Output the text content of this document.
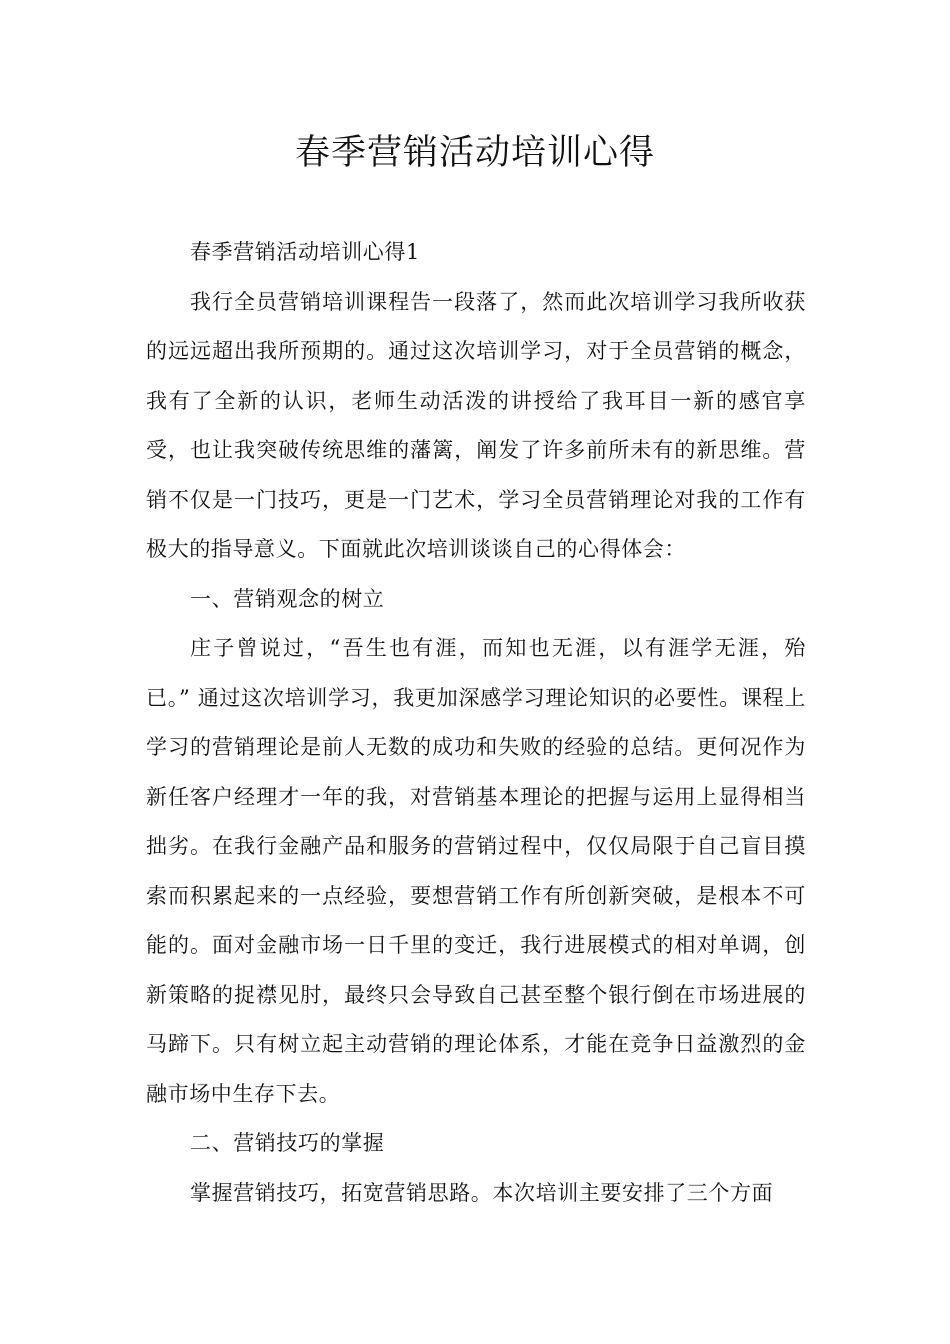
春季营销活动培训心得

春季营销活动培训心得1

我行全员营销培训课程告一段落了，然而此次培训学习我所收获的远远超出我所预期的。通过这次培训学习，对于全员营销的概念，我有了全新的认识，老师生动活泼的讲授给了我耳目一新的感官享受，也让我突破传统思维的藩篱，阐发了许多前所未有的新思维。营销不仅是一门技巧，更是一门艺术，学习全员营销理论对我的工作有极大的指导意义。下面就此次培训谈谈自己的心得体会：

一、营销观念的树立

庄子曾说过，“吾生也有涯，而知也无涯，以有涯学无涯，殆已。” 通过这次培训学习，我更加深感学习理论知识的必要性。课程上学习的营销理论是前人无数的成功和失败的经验的总结。更何况作为新任客户经理才一年的我，对营销基本理论的把握与运用上显得相当拙劣。在我行金融产品和服务的营销过程中，仅仅局限于自己盲目摸索而积累起来的一点经验，要想营销工作有所创新突破，是根本不可能的。面对金融市场一日千里的变迁，我行进展模式的相对单调，创新策略的捉襟见肘，最终只会导致自己甚至整个银行倒在市场进展的马蹄下。只有树立起主动营销的理论体系，才能在竞争日益激烈的金融市场中生存下去。

二、营销技巧的掌握

掌握营销技巧，拓宽营销思路。本次培训主要安排了三个方面
